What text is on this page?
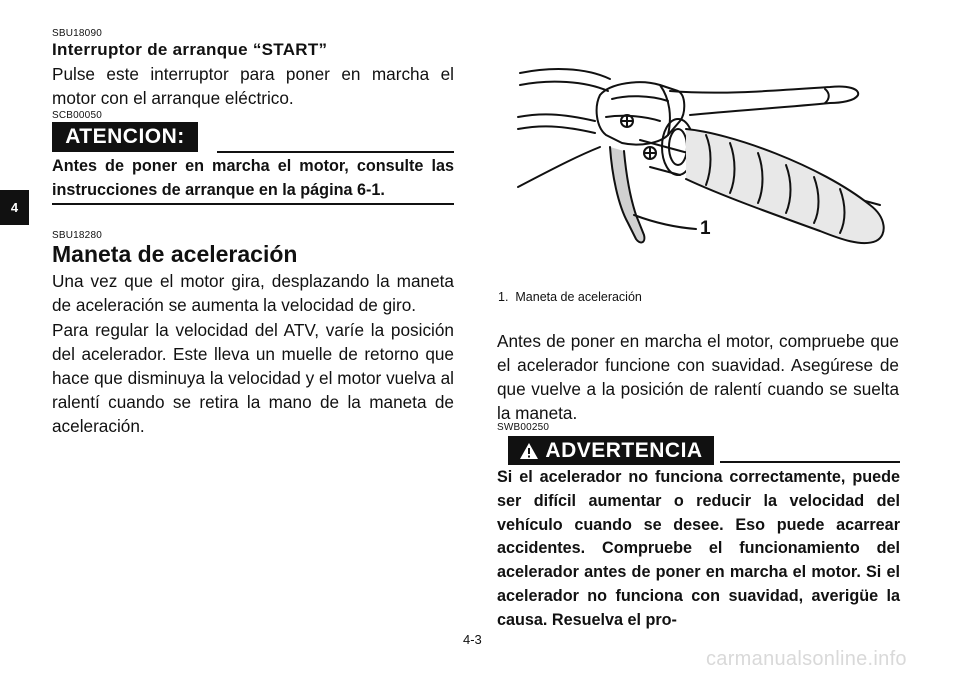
4
SBU18090
Interruptor de arranque “START”

Pulse este interruptor para poner en marcha el motor con el arranque eléctrico.

SCB00050
ATENCION:

Antes de poner en marcha el motor, consulte las instrucciones de arranque en la página 6-1.

SBU18280
Maneta de aceleración

Una vez que el motor gira, desplazando la maneta de aceleración se aumenta la velocidad de giro.

Para regular la velocidad del ATV, varíe la posición del acelerador. Este lleva un muelle de retorno que hace que disminuya la velocidad y el motor vuelva al ralentí cuando se retira la mano de la maneta de aceleración.

1
1. Maneta de aceleración

Antes de poner en marcha el motor, compruebe que el acelerador funcione con suavidad. Asegúrese de que vuelve a la posición de ralentí cuando se suelta la maneta.

SWB00250
ADVERTENCIA

Si el acelerador no funciona correctamente, puede ser difícil aumentar o reducir la velocidad del vehículo cuando se desee. Eso puede acarrear accidentes. Compruebe el funcionamiento del acelerador antes de poner en marcha el motor. Si el acelerador no funciona con suavidad, averigüe la causa. Resuelva el pro-

4-3
carmanualsonline.info
